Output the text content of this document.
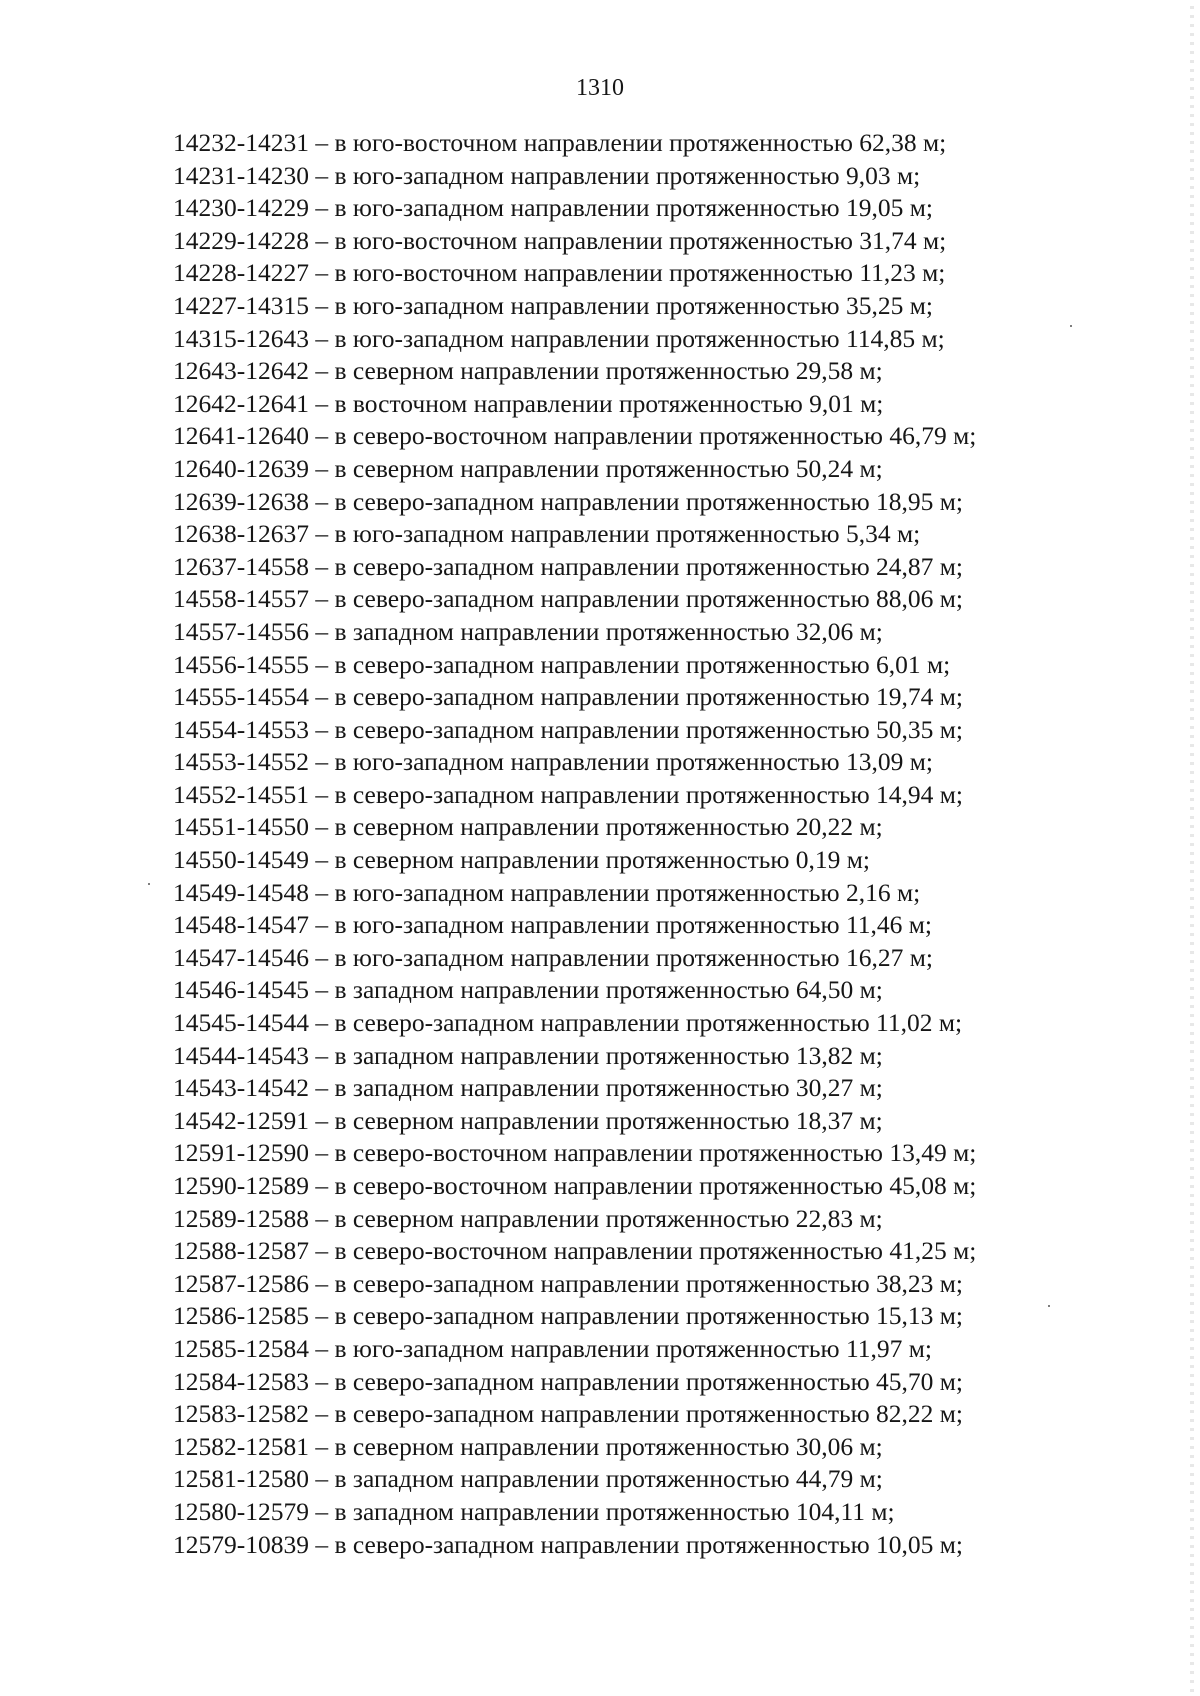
1310
14232-14231 – в юго-восточном направлении протяженностью 62,38 м;
14231-14230 – в юго-западном направлении протяженностью 9,03 м;
14230-14229 – в юго-западном направлении протяженностью 19,05 м;
14229-14228 – в юго-восточном направлении протяженностью 31,74 м;
14228-14227 – в юго-восточном направлении протяженностью 11,23 м;
14227-14315 – в юго-западном направлении протяженностью 35,25 м;
14315-12643 – в юго-западном направлении протяженностью 114,85 м;
12643-12642 – в северном направлении протяженностью 29,58 м;
12642-12641 – в восточном направлении протяженностью 9,01 м;
12641-12640 – в северо-восточном направлении протяженностью 46,79 м;
12640-12639 – в северном направлении протяженностью 50,24 м;
12639-12638 – в северо-западном направлении протяженностью 18,95 м;
12638-12637 – в юго-западном направлении протяженностью 5,34 м;
12637-14558 – в северо-западном направлении протяженностью 24,87 м;
14558-14557 – в северо-западном направлении протяженностью 88,06 м;
14557-14556 – в западном направлении протяженностью 32,06 м;
14556-14555 – в северо-западном направлении протяженностью 6,01 м;
14555-14554 – в северо-западном направлении протяженностью 19,74 м;
14554-14553 – в северо-западном направлении протяженностью 50,35 м;
14553-14552 – в юго-западном направлении протяженностью 13,09 м;
14552-14551 – в северо-западном направлении протяженностью 14,94 м;
14551-14550 – в северном направлении протяженностью 20,22 м;
14550-14549 – в северном направлении протяженностью 0,19 м;
14549-14548 – в юго-западном направлении протяженностью 2,16 м;
14548-14547 – в юго-западном направлении протяженностью 11,46 м;
14547-14546 – в юго-западном направлении протяженностью 16,27 м;
14546-14545 – в западном направлении протяженностью 64,50 м;
14545-14544 – в северо-западном направлении протяженностью 11,02 м;
14544-14543 – в западном направлении протяженностью 13,82 м;
14543-14542 – в западном направлении протяженностью 30,27 м;
14542-12591 – в северном направлении протяженностью 18,37 м;
12591-12590 – в северо-восточном направлении протяженностью 13,49 м;
12590-12589 – в северо-восточном направлении протяженностью 45,08 м;
12589-12588 – в северном направлении протяженностью 22,83 м;
12588-12587 – в северо-восточном направлении протяженностью 41,25 м;
12587-12586 – в северо-западном направлении протяженностью 38,23 м;
12586-12585 – в северо-западном направлении протяженностью 15,13 м;
12585-12584 – в юго-западном направлении протяженностью 11,97 м;
12584-12583 – в северо-западном направлении протяженностью 45,70 м;
12583-12582 – в северо-западном направлении протяженностью 82,22 м;
12582-12581 – в северном направлении протяженностью 30,06 м;
12581-12580 – в западном направлении протяженностью 44,79 м;
12580-12579 – в западном направлении протяженностью 104,11 м;
12579-10839 – в северо-западном направлении протяженностью 10,05 м;
